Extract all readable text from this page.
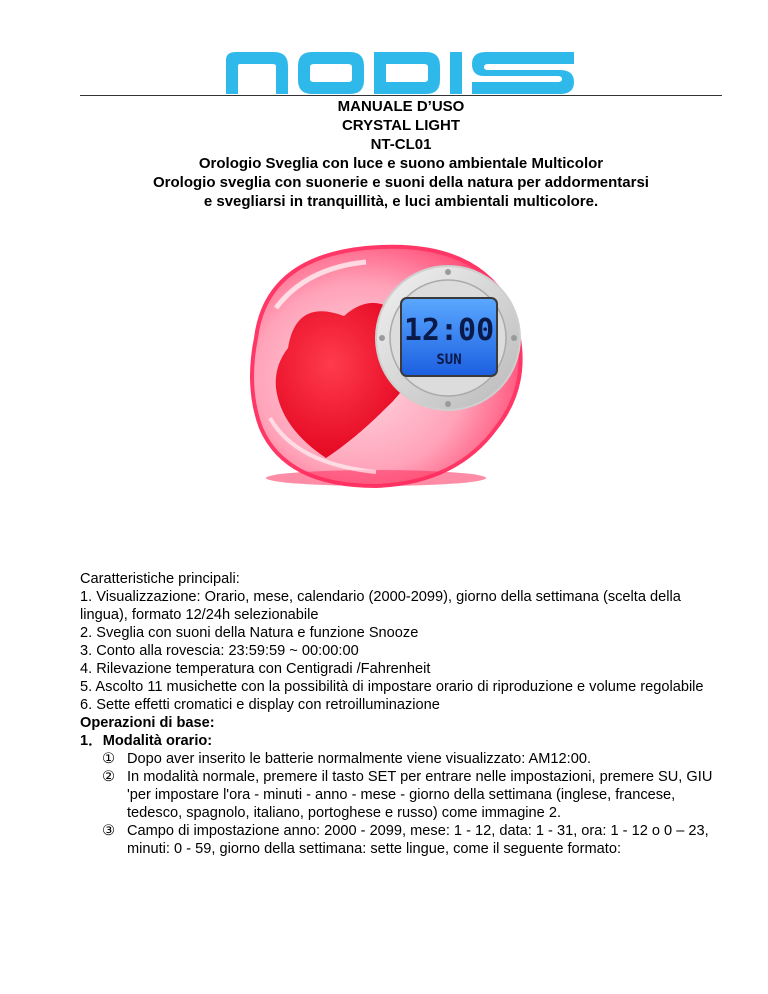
MANUALE D’USO
CRYSTAL LIGHT
NT-CL01
Orologio Sveglia con luce e suono ambientale Multicolor
Orologio sveglia con suonerie e suoni della natura per addormentarsi
e svegliarsi in tranquillità, e luci ambientali multicolore.
12:00
SUN

Caratteristiche principali:

1. Visualizzazione: Orario, mese, calendario (2000-2099), giorno della settimana (scelta della lingua), formato 12/24h selezionabile

2. Sveglia con suoni della Natura e funzione Snooze

3. Conto alla rovescia: 23:59:59 ~ 00:00:00

4. Rilevazione temperatura con Centigradi /Fahrenheit

5. Ascolto 11 musichette con la possibilità di impostare orario di riproduzione e volume regolabile

6. Sette effetti cromatici e display con retroilluminazione

Operazioni di base:

1．Modalità orario:

① Dopo aver inserito le batterie normalmente viene visualizzato: AM12:00.
② In modalità normale, premere il tasto SET per entrare nelle impostazioni, premere SU, GIU 'per impostare l'ora - minuti - anno - mese - giorno della settimana (inglese, francese, tedesco, spagnolo, italiano, portoghese e russo) come immagine 2.
③ Campo di impostazione anno: 2000 - 2099, mese: 1 - 12, data: 1 - 31, ora: 1 - 12 o 0 – 23, minuti: 0 - 59, giorno della settimana: sette lingue, come il seguente formato:
